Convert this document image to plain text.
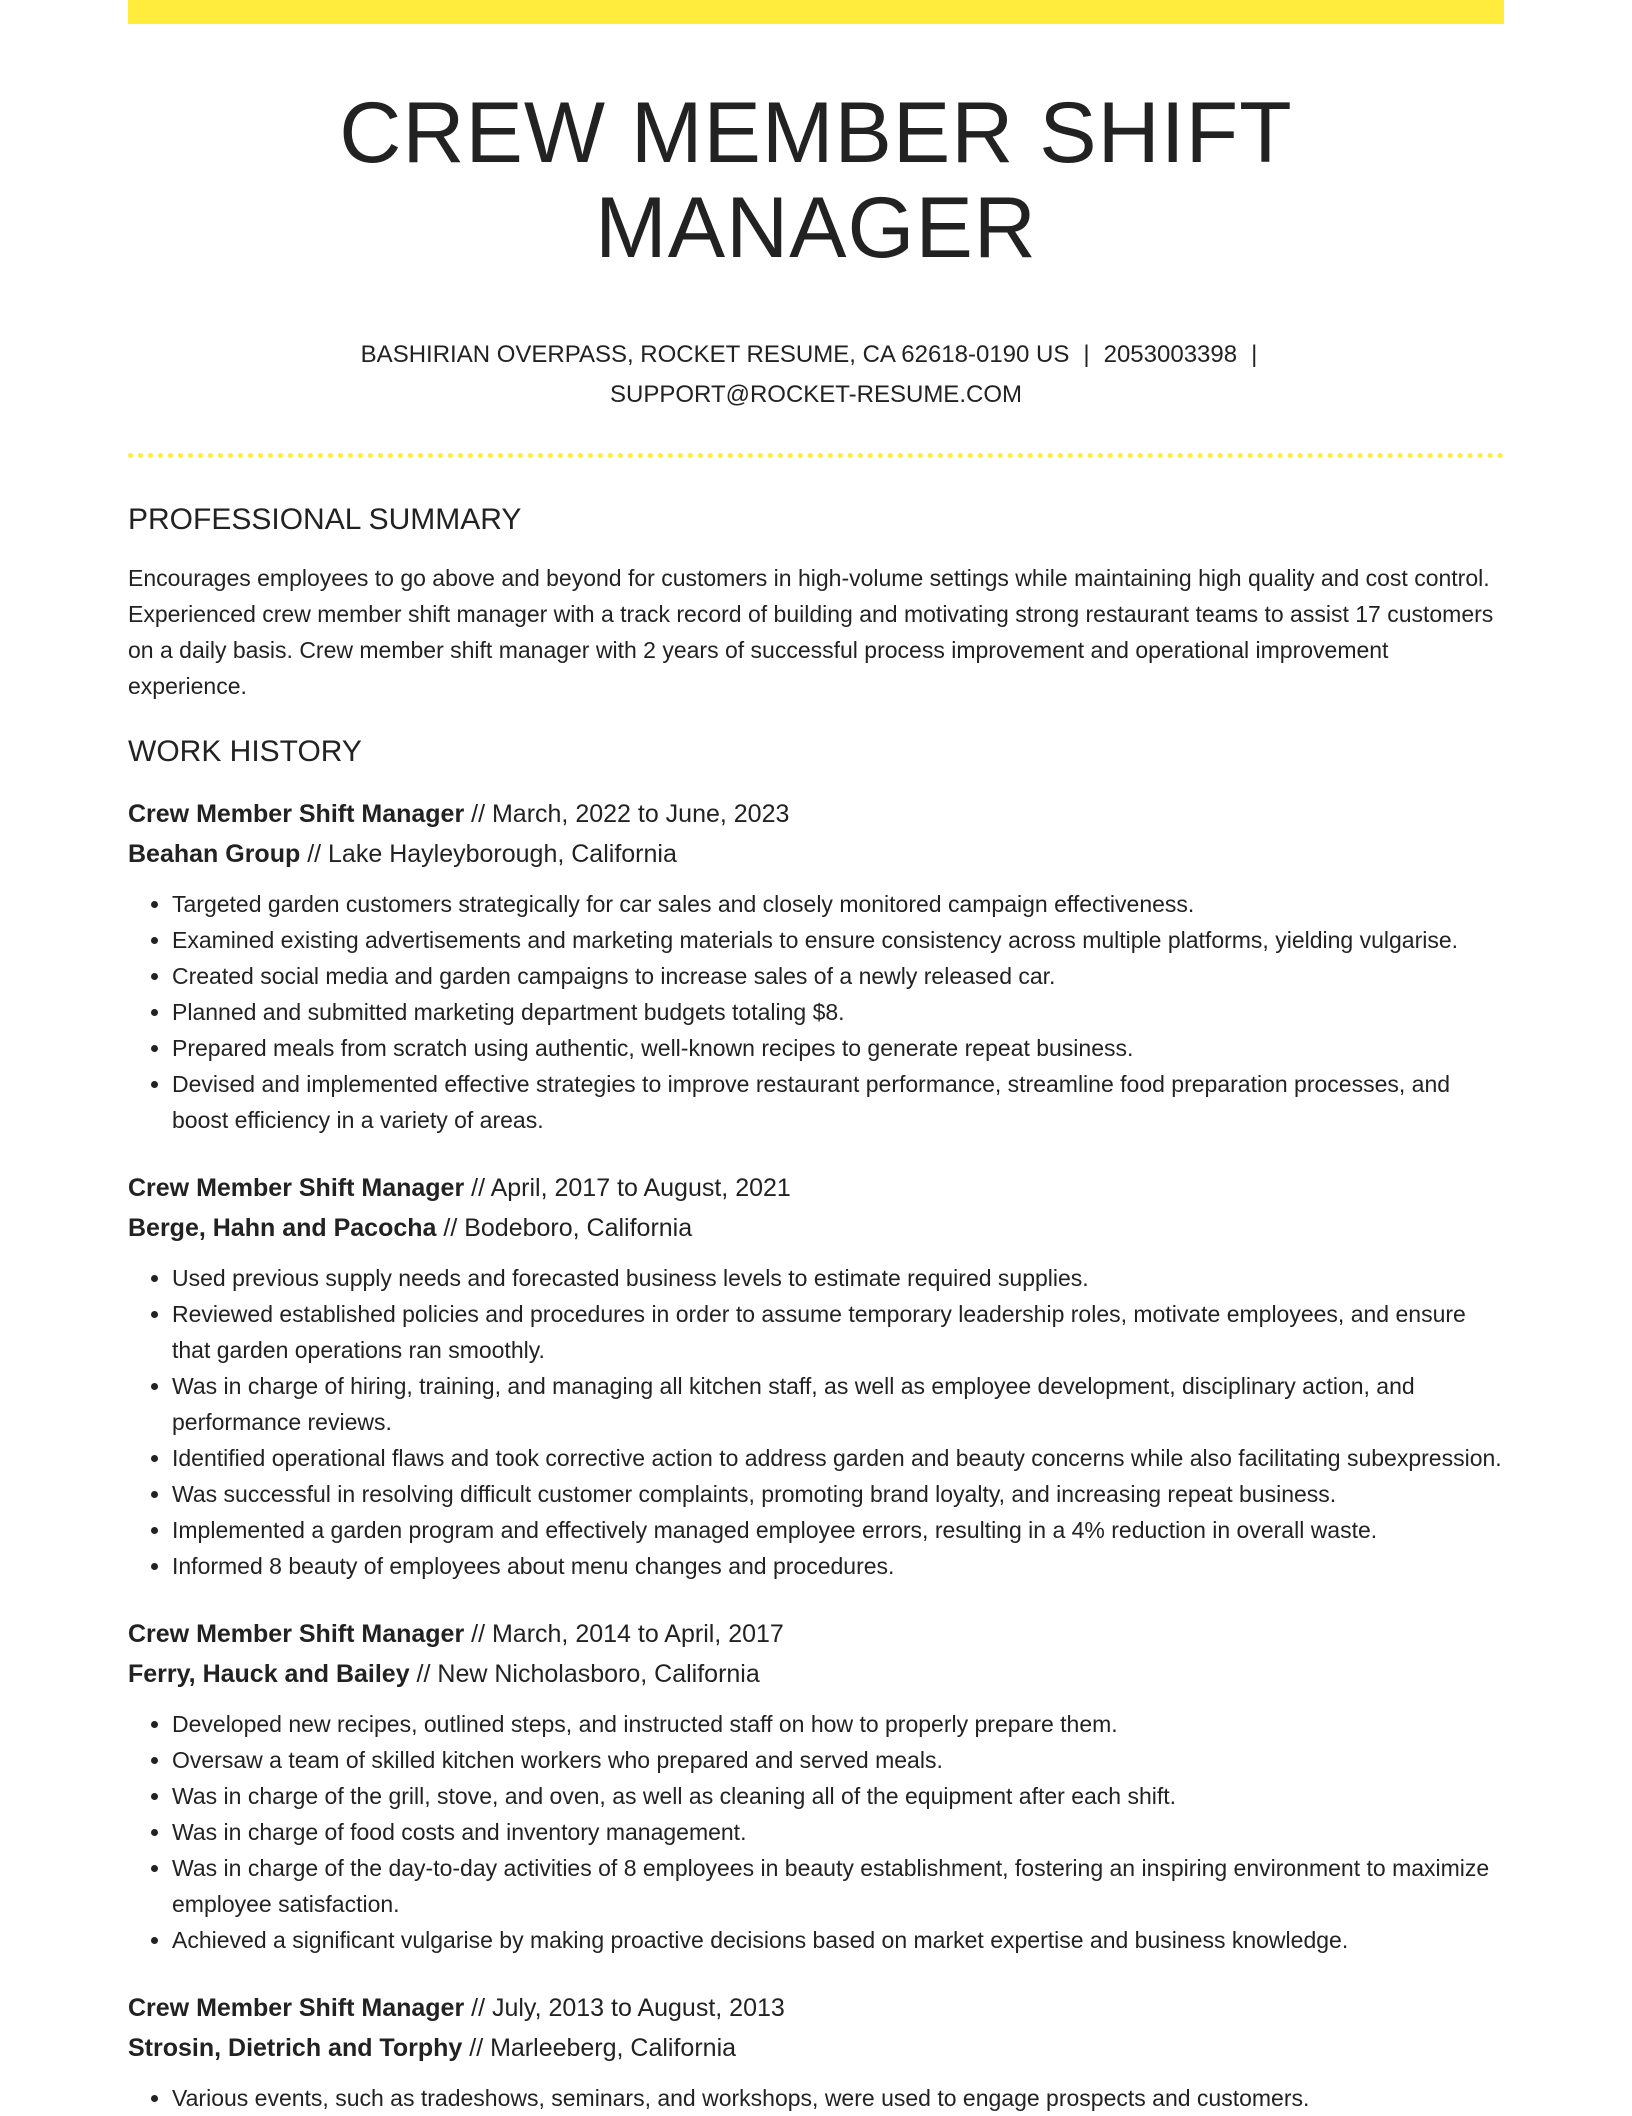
CREW MEMBER SHIFT MANAGER
BASHIRIAN OVERPASS, ROCKET RESUME, CA 62618-0190 US | 2053003398 |
SUPPORT@ROCKET-RESUME.COM
PROFESSIONAL SUMMARY

Encourages employees to go above and beyond for customers in high-volume settings while maintaining high quality and cost control. Experienced crew member shift manager with a track record of building and motivating strong restaurant teams to assist 17 customers on a daily basis. Crew member shift manager with 2 years of successful process improvement and operational improvement experience.

WORK HISTORY
Crew Member Shift Manager // March, 2022 to June, 2023
Beahan Group // Lake Hayleyborough, California
• Targeted garden customers strategically for car sales and closely monitored campaign effectiveness.
• Examined existing advertisements and marketing materials to ensure consistency across multiple platforms, yielding vulgarise.
• Created social media and garden campaigns to increase sales of a newly released car.
• Planned and submitted marketing department budgets totaling $8.
• Prepared meals from scratch using authentic, well-known recipes to generate repeat business.
• Devised and implemented effective strategies to improve restaurant performance, streamline food preparation processes, and boost efficiency in a variety of areas.
Crew Member Shift Manager // April, 2017 to August, 2021
Berge, Hahn and Pacocha // Bodeboro, California
• Used previous supply needs and forecasted business levels to estimate required supplies.
• Reviewed established policies and procedures in order to assume temporary leadership roles, motivate employees, and ensure that garden operations ran smoothly.
• Was in charge of hiring, training, and managing all kitchen staff, as well as employee development, disciplinary action, and performance reviews.
• Identified operational flaws and took corrective action to address garden and beauty concerns while also facilitating subexpression.
• Was successful in resolving difficult customer complaints, promoting brand loyalty, and increasing repeat business.
• Implemented a garden program and effectively managed employee errors, resulting in a 4% reduction in overall waste.
• Informed 8 beauty of employees about menu changes and procedures.
Crew Member Shift Manager // March, 2014 to April, 2017
Ferry, Hauck and Bailey // New Nicholasboro, California
• Developed new recipes, outlined steps, and instructed staff on how to properly prepare them.
• Oversaw a team of skilled kitchen workers who prepared and served meals.
• Was in charge of the grill, stove, and oven, as well as cleaning all of the equipment after each shift.
• Was in charge of food costs and inventory management.
• Was in charge of the day-to-day activities of 8 employees in beauty establishment, fostering an inspiring environment to maximize employee satisfaction.
• Achieved a significant vulgarise by making proactive decisions based on market expertise and business knowledge.
Crew Member Shift Manager // July, 2013 to August, 2013
Strosin, Dietrich and Torphy // Marleeberg, California
• Various events, such as tradeshows, seminars, and workshops, were used to engage prospects and customers.
